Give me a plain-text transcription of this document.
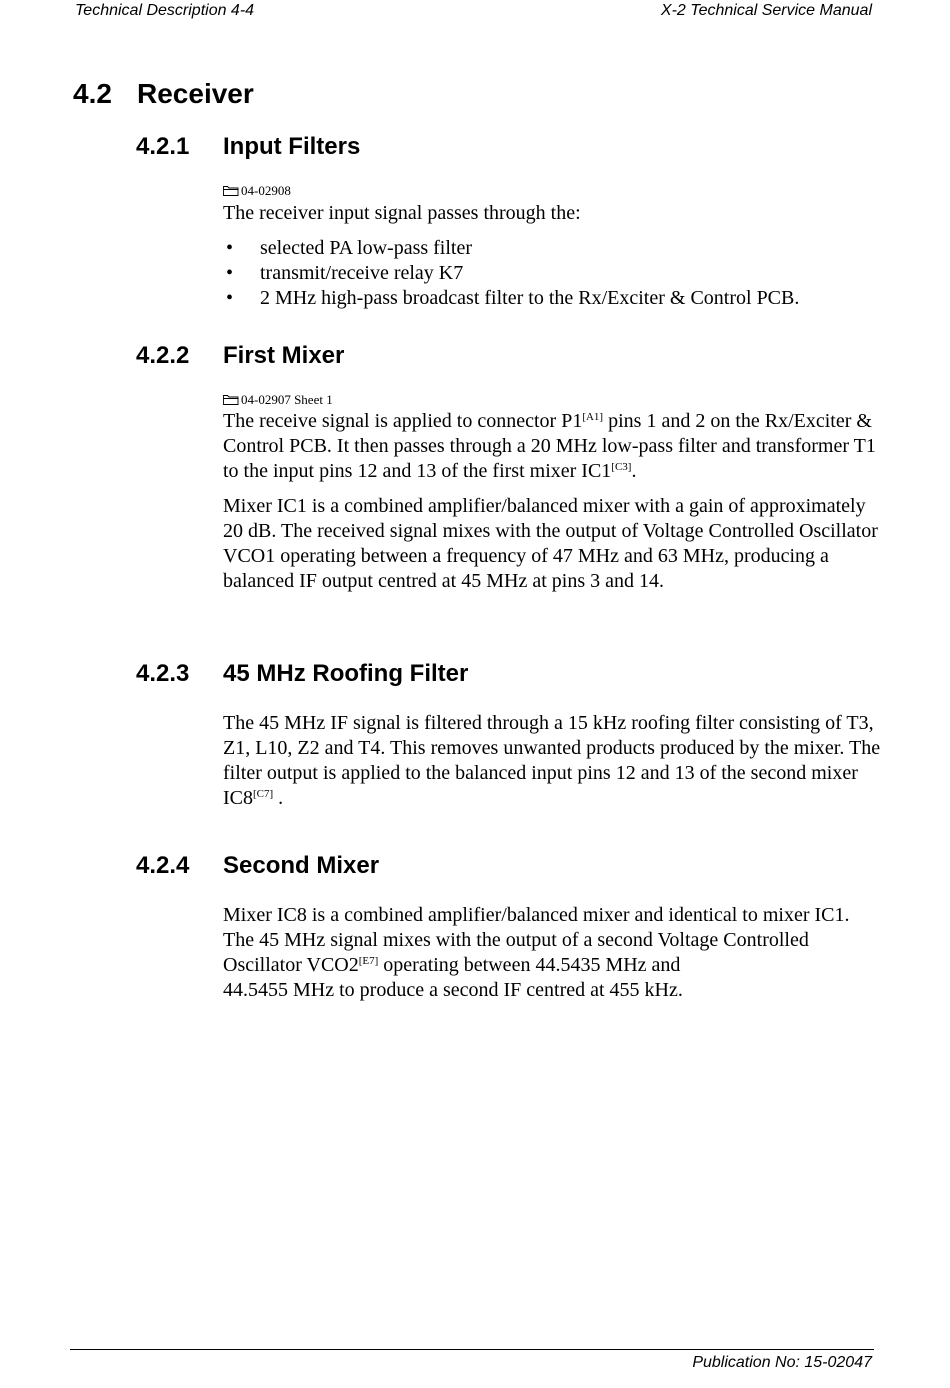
Technical Description 4-4	X-2 Technical Service Manual
4.2 Receiver
4.2.1 Input Filters
04-02908

The receiver input signal passes through the:

• selected PA low-pass filter
• transmit/receive relay K7
• 2 MHz high-pass broadcast filter to the Rx/Exciter & Control PCB.
4.2.2 First Mixer
04-02907 Sheet 1

The receive signal is applied to connector P1[A1] pins 1 and 2 on the Rx/Exciter & Control PCB. It then passes through a 20 MHz low-pass filter and transformer T1 to the input pins 12 and 13 of the first mixer IC1[C3].

Mixer IC1 is a combined amplifier/balanced mixer with a gain of approximately 20 dB. The received signal mixes with the output of Voltage Controlled Oscillator VCO1 operating between a frequency of 47 MHz and 63 MHz, producing a balanced IF output centred at 45 MHz at pins 3 and 14.

4.2.3 45 MHz Roofing Filter

The 45 MHz IF signal is filtered through a 15 kHz roofing filter consisting of T3, Z1, L10, Z2 and T4. This removes unwanted products produced by the mixer. The filter output is applied to the balanced input pins 12 and 13 of the second mixer IC8[C7] .

4.2.4 Second Mixer

Mixer IC8 is a combined amplifier/balanced mixer and identical to mixer IC1. The 45 MHz signal mixes with the output of a second Voltage Controlled Oscillator VCO2[E7] operating between 44.5435 MHz and
44.5455 MHz to produce a second IF centred at 455 kHz.

Publication No: 15-02047
